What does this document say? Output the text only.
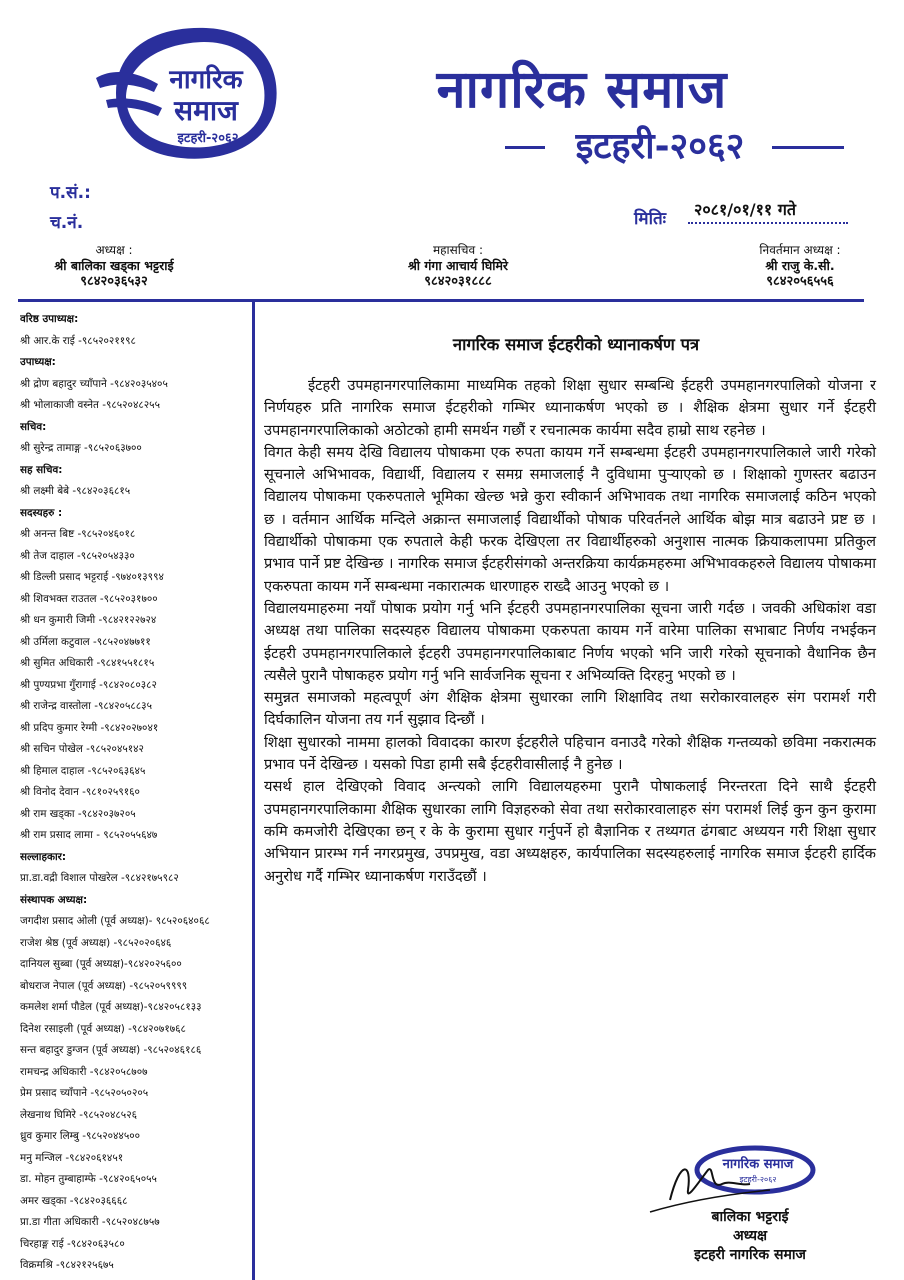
नागरिक
समाज
इटहरी-२०६२
नागरिक समाज
इटहरी-२०६२
प.सं.:
च.नं.	मितिः २०८१/०१/११ गते
अध्यक्ष :
श्री बालिका खड्का भट्टराई
९८४२०३६५३२
महासचिव :
श्री गंगा आचार्य घिमिरे
९८४२०३१८८८
निवर्तमान अध्यक्ष :
श्री राजु के.सी.
९८४२०५६५५६
वरिष्ठ उपाध्यक्ष:
श्री आर.के राई -९८५२०२११९८
उपाध्यक्ष:
श्री द्रोण बहादुर च्याँपाने -९८४२०३५४०५
श्री भोलाकाजी वस्नेत -९८५२०४८२५५
सचिव:
श्री सुरेन्द्र तामाङ्ग -९८५२०६३७००
सह सचिव:
श्री लक्ष्मी बेबे -९८४२०३६८१५
सदस्यहरु :
श्री अनन्त बिष्ट -९८५२०४६०१८
श्री तेज दाहाल -९८५२०५४३३०
श्री डिल्ली प्रसाद भट्टराई -९७४०१३९९४
श्री शिवभक्त राउतल -९८५२०३१७००
श्री धन कुमारी जिमी -९८४२१२२७२४
श्री उर्मिला कटुवाल -९८५२०४७७११
श्री सुमित अधिकारी -९८४१५५१८१५
श्री पुण्यप्रभा गुँरागाई -९८४२०८०३८२
श्री राजेन्द्र वास्तोला -९८४२०५८८३५
श्री प्रदिप कुमार रेग्मी -९८४२०२७०४१
श्री सचिन पोखेल -९८५२०४५१४२
श्री हिमाल दाहाल -९८५२०६३६४५
श्री विनोद देवान -९८१०२५९१६०
श्री राम खड्का -९८४२०३७२०५
श्री राम प्रसाद लामा - ९८५२०५५६४७
सल्लाहकार:
प्रा.डा.वद्री विशाल पोखरेल -९८४२१७५९८२
संस्थापक अध्यक्ष:
जगदीश प्रसाद ओली (पूर्व अध्यक्ष)- ९८५२०६४०६८
राजेश श्रेष्ठ (पूर्व अध्यक्ष) -९८५२०२०६४६
दानियल सुब्बा (पूर्व अध्यक्ष)-९८४२०२५६००
बोधराज नेपाल (पूर्व अध्यक्ष) -९८५२०५९९९९
कमलेश शर्मा पौडेल (पूर्व अध्यक्ष)-९८४२०५८१३३
दिनेश रसाइली (पूर्व अध्यक्ष) -९८४२०७१७६८
सन्त बहादुर डुग्जन (पूर्व अध्यक्ष) -९८५२०४६१८६
रामचन्द्र अधिकारी -९८४२०५८७०७
प्रेम प्रसाद च्याँपाने -९८५२०५०२०५
लेखनाथ घिमिरे -९८५२०४८५२६
ध्रुव कुमार लिम्बु -९८५२०४४५००
मनु मन्जिल -९८४२०६१४५१
डा. मोहन तुम्बाहाम्फे -९८४२०६५०५५
अमर खड्का -९८४२०३६६६८
प्रा.डा गीता अधिकारी -९८५२०४८७५७
चिरहाङ्ग राई -९८४२०६३५८०
विक्रमश्रि -९८४२१२५६७५
नागरिक समाज ईटहरीको ध्यानाकर्षण पत्र

ईटहरी उपमहानगरपालिकामा माध्यमिक तहको शिक्षा सुधार सम्बन्धि ईटहरी उपमहानगरपालिको योजना र निर्णयहरु प्रति नागरिक समाज ईटहरीको गम्भिर ध्यानाकर्षण भएको छ । शैक्षिक क्षेत्रमा सुधार गर्ने ईटहरी उपमहानगरपालिकाको अठोटको हामी समर्थन गछौं र रचनात्मक कार्यमा सदैव हाम्रो साथ रहनेछ ।

विगत केही समय देखि विद्यालय पोषाकमा एक रुपता कायम गर्ने सम्बन्धमा ईटहरी उपमहानगरपालिकाले जारी गरेको सूचनाले अभिभावक, विद्यार्थी, विद्यालय र समग्र समाजलाई नै दुविधामा पुऱ्याएको छ । शिक्षाको गुणस्तर बढाउन विद्यालय पोषाकमा एकरुपताले भूमिका खेल्छ भन्ने कुरा स्वीकार्न अभिभावक तथा नागरिक समाजलाई कठिन भएको छ । वर्तमान आर्थिक मन्दिले अक्रान्त समाजलाई विद्यार्थीको पोषाक परिवर्तनले आर्थिक बोझ मात्र बढाउने प्रष्ट छ । विद्यार्थीको पोषाकमा एक रुपताले केही फरक देखिएला तर विद्यार्थीहरुको अनुशास नात्मक क्रियाकलापमा प्रतिकुल प्रभाव पार्ने प्रष्ट देखिन्छ । नागरिक समाज ईटहरीसंगको अन्तरक्रिया कार्यक्रमहरुमा अभिभावकहरुले विद्यालय पोषाकमा एकरुपता कायम गर्ने सम्बन्धमा नकारात्मक धारणाहरु राख्दै आउनु भएको छ ।

विद्यालयमाहरुमा नयाँ पोषाक प्रयोग गर्नु भनि ईटहरी उपमहानगरपालिका सूचना जारी गर्दछ । जवकी अधिकांश वडा अध्यक्ष तथा पालिका सदस्यहरु विद्यालय पोषाकमा एकरुपता कायम गर्ने वारेमा पालिका सभाबाट निर्णय नभईकन ईटहरी उपमहानगरपालिकाले ईटहरी उपमहानगरपालिकाबाट निर्णय भएको भनि जारी गरेको सूचनाको वैधानिक छैन त्यसैले पुरानै पोषाकहरु प्रयोग गर्नु भनि सार्वजनिक सूचना र अभिव्यक्ति दिरहनु भएको छ ।

समुन्नत समाजको महत्वपूर्ण अंग शैक्षिक क्षेत्रमा सुधारका लागि शिक्षाविद तथा सरोकारवालहरु संग परामर्श गरी दिर्घकालिन योजना तय गर्न सुझाव दिन्छौं ।

शिक्षा सुधारको नाममा हालको विवादका कारण ईटहरीले पहिचान वनाउदै गरेको शैक्षिक गन्तव्यको छविमा नकरात्मक प्रभाव पर्ने देखिन्छ । यसको पिडा हामी सबै ईटहरीवासीलाई नै हुनेछ ।

यसर्थ हाल देखिएको विवाद अन्त्यको लागि विद्यालयहरुमा पुरानै पोषाकलाई निरन्तरता दिने साथै ईटहरी उपमहानगरपालिकामा शैक्षिक सुधारका लागि विज्ञहरुको सेवा तथा सरोकारवालाहरु संग परामर्श लिई कुन कुन कुरामा कमि कमजोरी देखिएका छन् र के के कुरामा सुधार गर्नुपर्ने हो बैज्ञानिक र तथ्यगत ढंगबाट अध्ययन गरी शिक्षा सुधार अभियान प्रारम्भ गर्न नगरप्रमुख, उपप्रमुख, वडा अध्यक्षहरु, कार्यपालिका सदस्यहरुलाई नागरिक समाज ईटहरी हार्दिक अनुरोध गर्दै गम्भिर ध्यानाकर्षण गराउँदछौं ।

नागरिक समाज
इटहरी-२०६२
बालिका भट्टराई
अध्यक्ष
इटहरी नागरिक समाज
